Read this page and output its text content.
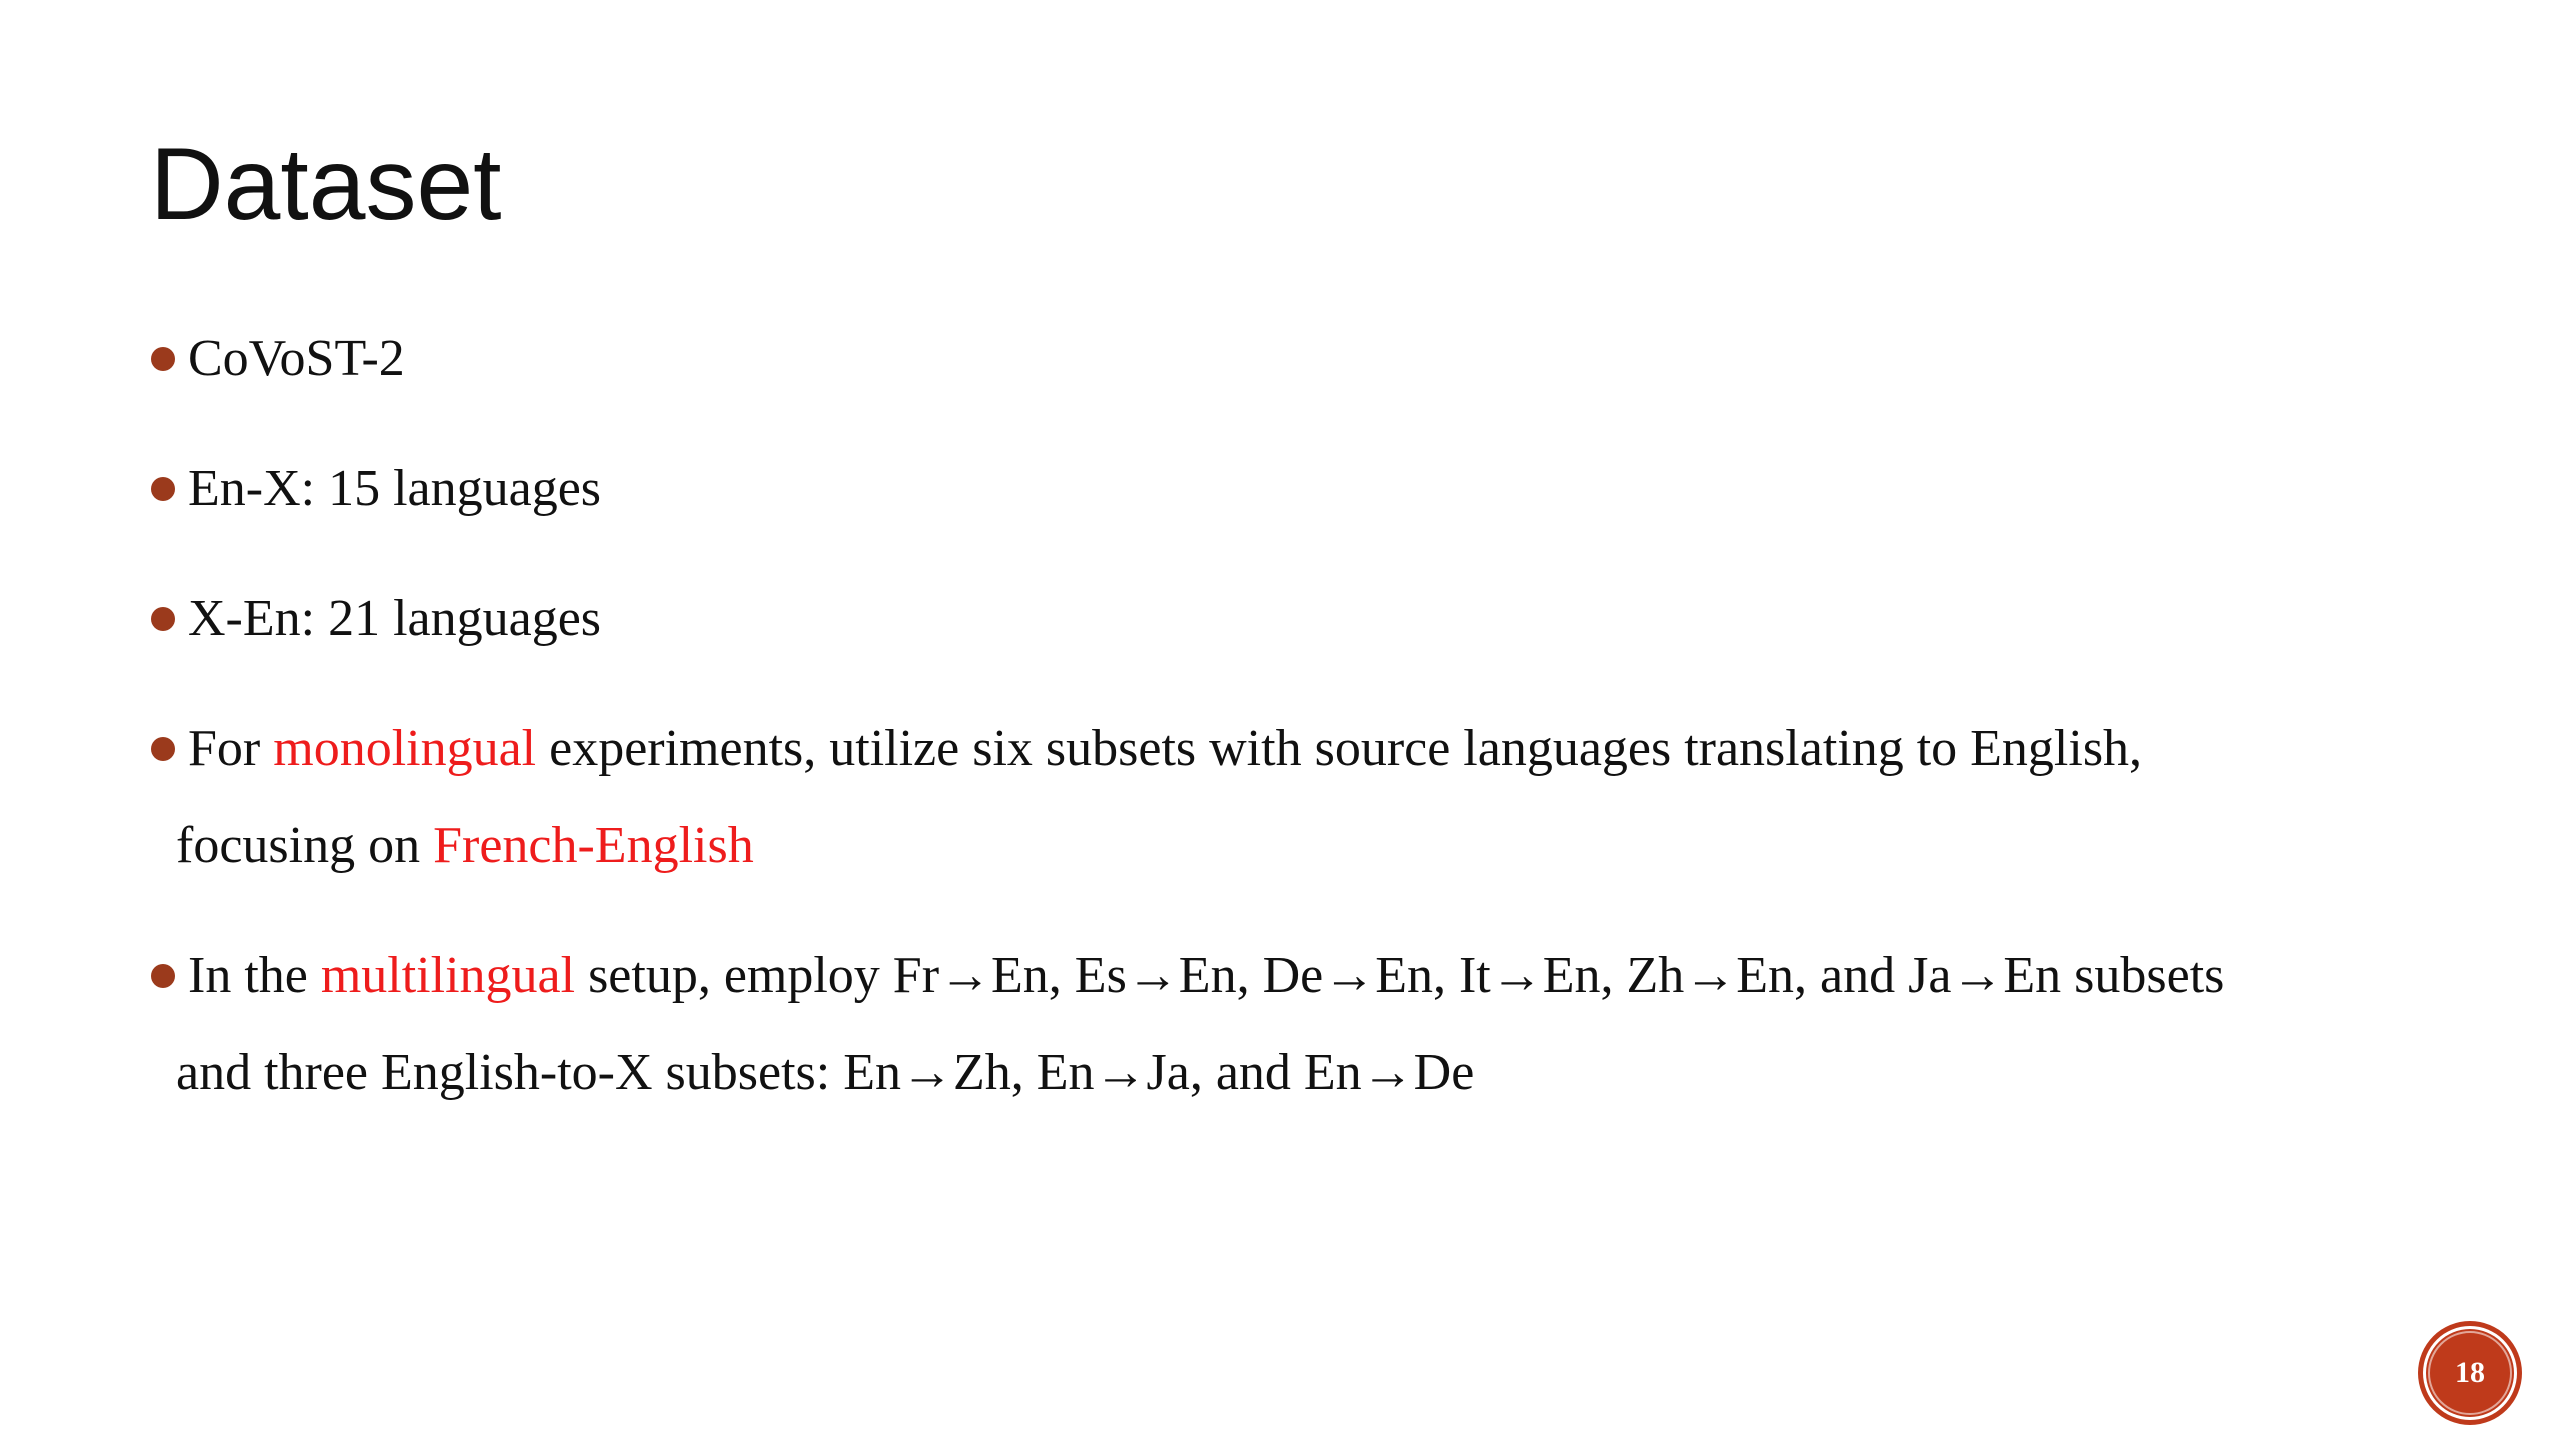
Dataset
CoVoST-2
En-X: 15 languages
X-En: 21 languages
For monolingual experiments, utilize six subsets with source languages translating to English,
focusing on French-English
In the multilingual setup, employ Fr→En, Es→En, De→En, It→En, Zh→En, and Ja→En subsets
and three English-to-X subsets: En→Zh, En→Ja, and En→De
18
